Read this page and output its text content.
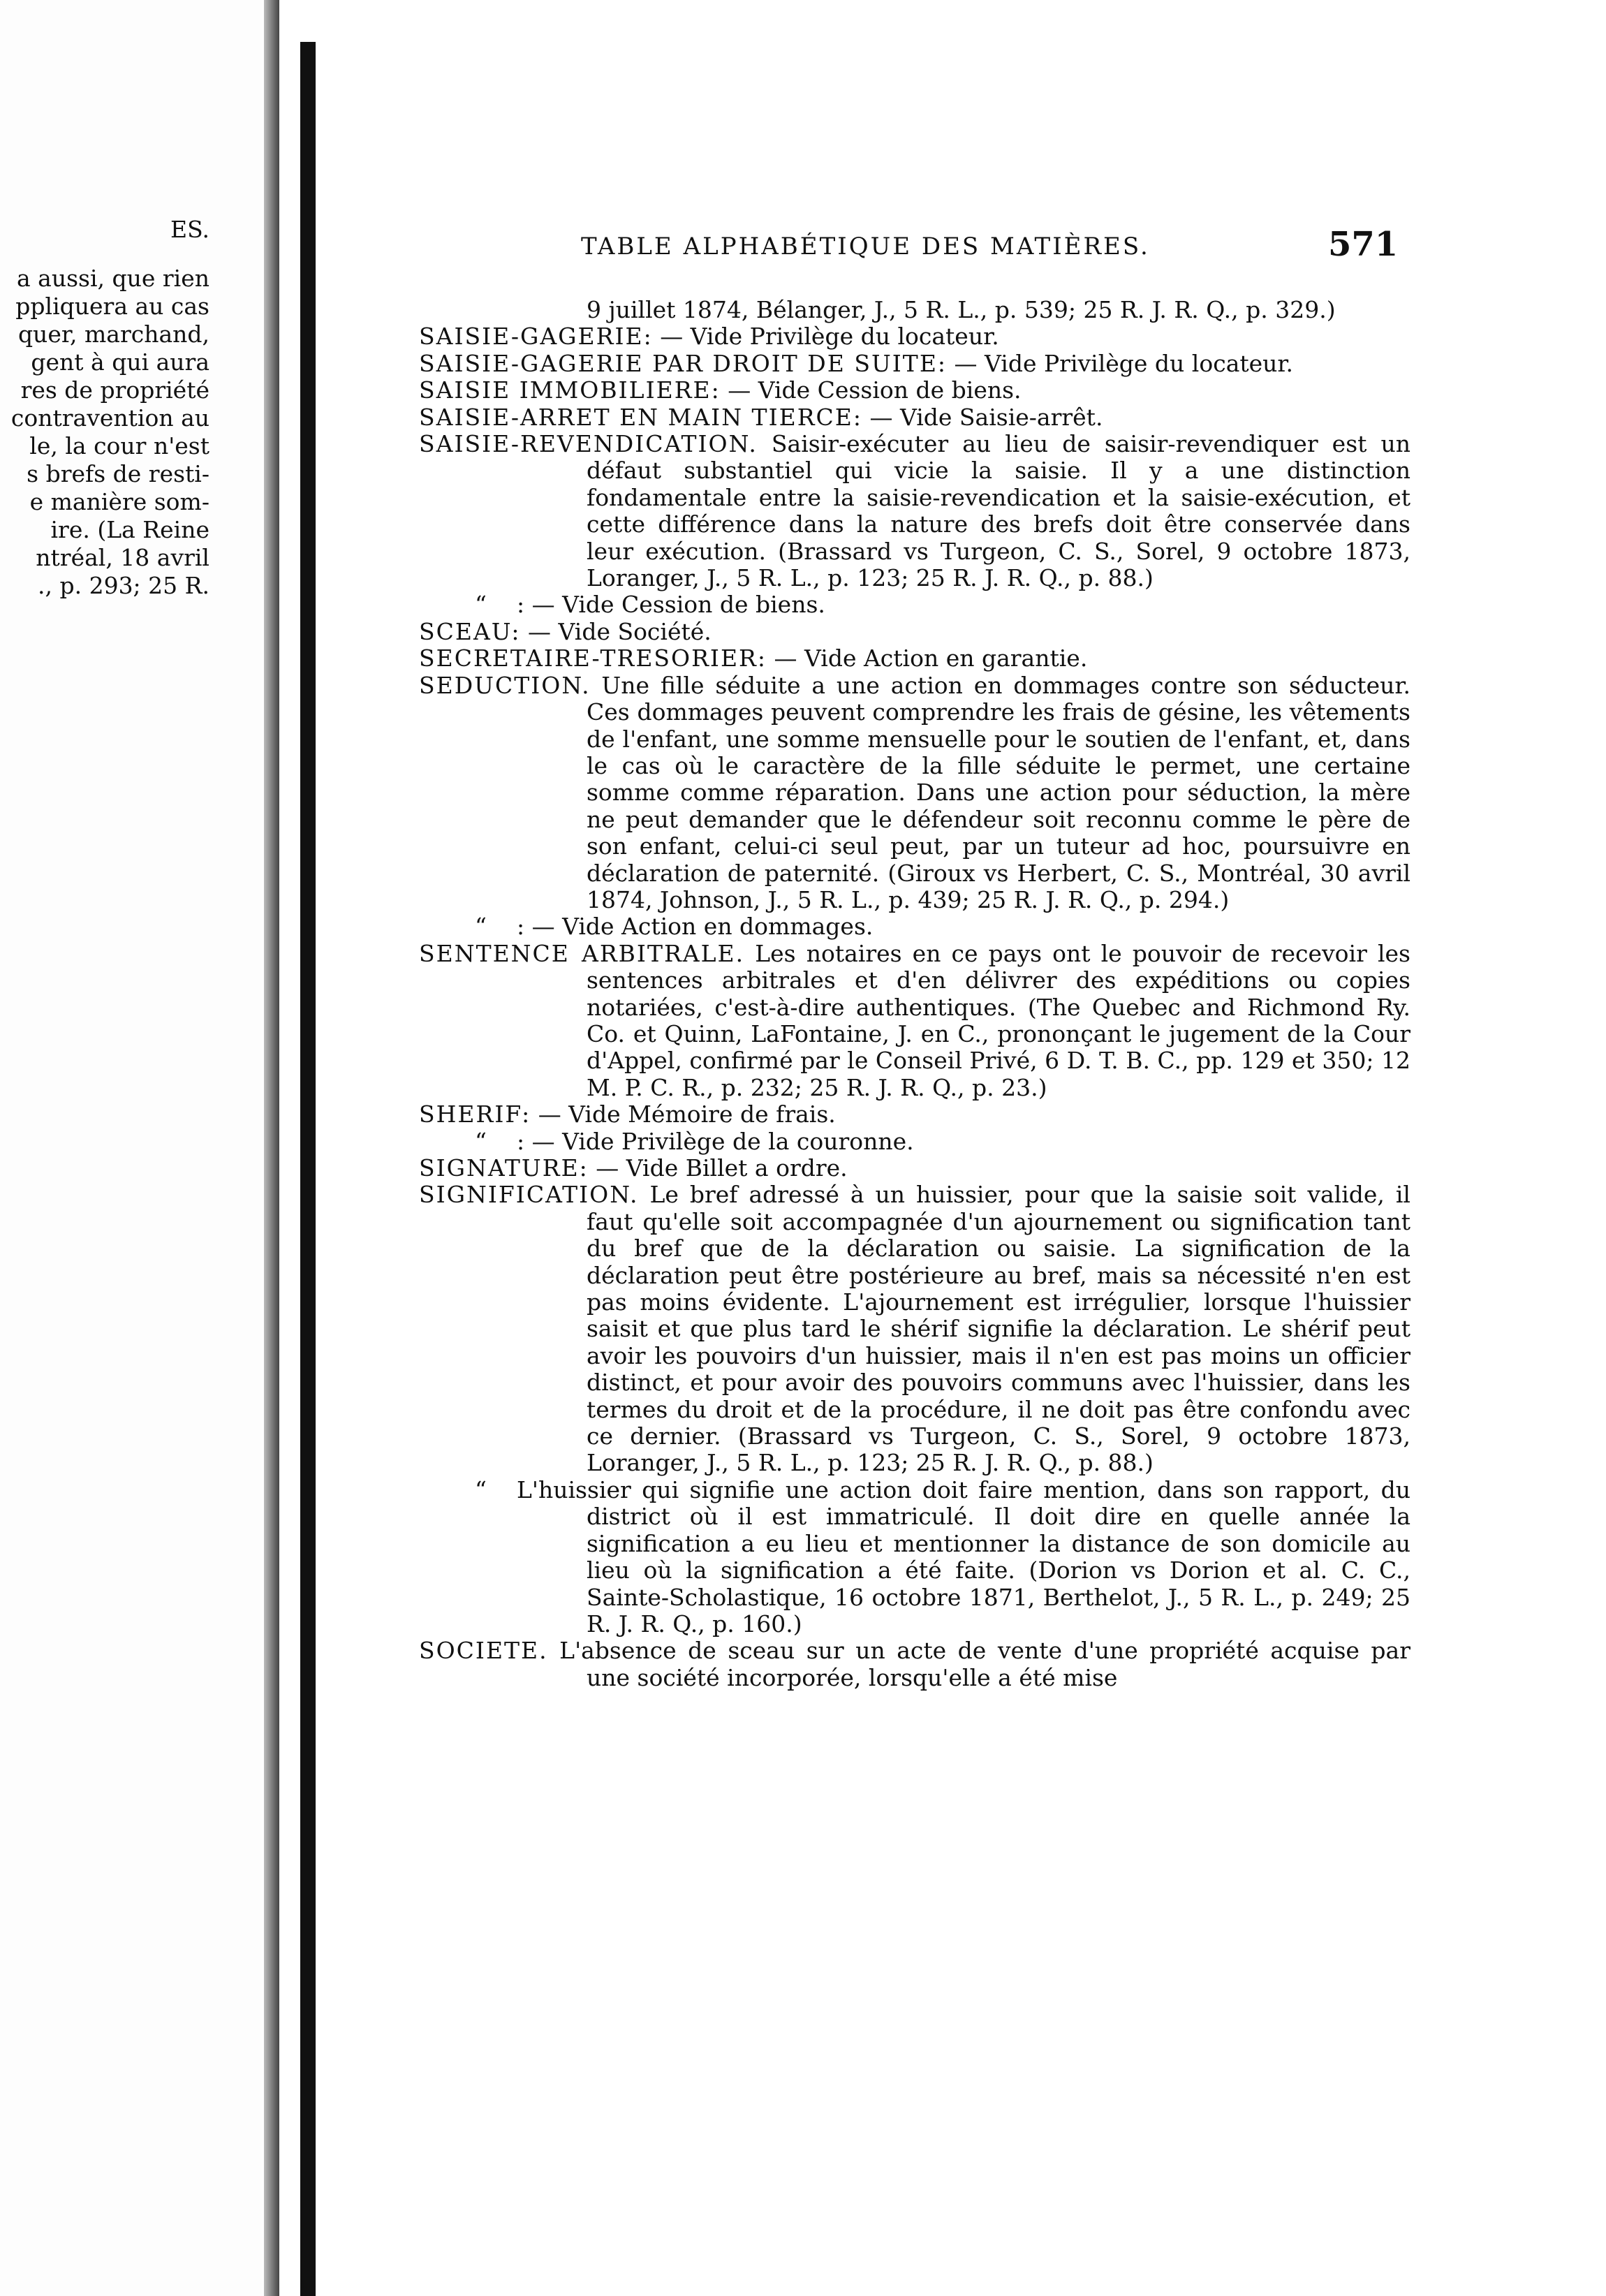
ES.
a aussi, que rien
ppliquera au cas
quer, marchand,
gent à qui aura
res de propriété
contravention au
le, la cour n'est
s brefs de resti-
e manière som-
ire. (La Reine
ntréal, 18 avril
., p. 293; 25 R.
TABLE ALPHABÉTIQUE DES MATIÈRES.	571

9 juillet 1874, Bélanger, J., 5 R. L., p. 539; 25 R. J. R. Q., p. 329.)

SAISIE-GAGERIE: — Vide Privilège du locateur.

SAISIE-GAGERIE PAR DROIT DE SUITE: — Vide Privilège du locateur.

SAISIE IMMOBILIERE: — Vide Cession de biens.

SAISIE-ARRET EN MAIN TIERCE: — Vide Saisie-arrêt.

SAISIE-REVENDICATION. Saisir-exécuter au lieu de saisir-revendiquer est un défaut substantiel qui vicie la saisie. Il y a une distinction fondamentale entre la saisie-revendication et la saisie-exécution, et cette différence dans la nature des brefs doit être conservée dans leur exécution. (Brassard vs Turgeon, C. S., Sorel, 9 octobre 1873, Loranger, J., 5 R. L., p. 123; 25 R. J. R. Q., p. 88.)

“ : — Vide Cession de biens.

SCEAU: — Vide Société.

SECRETAIRE-TRESORIER: — Vide Action en garantie.

SEDUCTION. Une fille séduite a une action en dommages contre son séducteur. Ces dommages peuvent comprendre les frais de gésine, les vêtements de l'enfant, une somme mensuelle pour le soutien de l'enfant, et, dans le cas où le caractère de la fille séduite le permet, une certaine somme comme réparation. Dans une action pour séduction, la mère ne peut demander que le défendeur soit reconnu comme le père de son enfant, celui-ci seul peut, par un tuteur ad hoc, poursuivre en déclaration de paternité. (Giroux vs Herbert, C. S., Montréal, 30 avril 1874, Johnson, J., 5 R. L., p. 439; 25 R. J. R. Q., p. 294.)

“ : — Vide Action en dommages.

SENTENCE ARBITRALE. Les notaires en ce pays ont le pouvoir de recevoir les sentences arbitrales et d'en délivrer des expéditions ou copies notariées, c'est-à-dire authentiques. (The Quebec and Richmond Ry. Co. et Quinn, LaFontaine, J. en C., prononçant le jugement de la Cour d'Appel, confirmé par le Conseil Privé, 6 D. T. B. C., pp. 129 et 350; 12 M. P. C. R., p. 232; 25 R. J. R. Q., p. 23.)

SHERIF: — Vide Mémoire de frais.

“ : — Vide Privilège de la couronne.

SIGNATURE: — Vide Billet a ordre.

SIGNIFICATION. Le bref adressé à un huissier, pour que la saisie soit valide, il faut qu'elle soit accompagnée d'un ajournement ou signification tant du bref que de la déclaration ou saisie. La signification de la déclaration peut être postérieure au bref, mais sa nécessité n'en est pas moins évidente. L'ajournement est irrégulier, lorsque l'huissier saisit et que plus tard le shérif signifie la déclaration. Le shérif peut avoir les pouvoirs d'un huissier, mais il n'en est pas moins un officier distinct, et pour avoir des pouvoirs communs avec l'huissier, dans les termes du droit et de la procédure, il ne doit pas être confondu avec ce dernier. (Brassard vs Turgeon, C. S., Sorel, 9 octobre 1873, Loranger, J., 5 R. L., p. 123; 25 R. J. R. Q., p. 88.)

“ L'huissier qui signifie une action doit faire mention, dans son rapport, du district où il est immatriculé. Il doit dire en quelle année la signification a eu lieu et mentionner la distance de son domicile au lieu où la signification a été faite. (Dorion vs Dorion et al. C. C., Sainte-Scholastique, 16 octobre 1871, Berthelot, J., 5 R. L., p. 249; 25 R. J. R. Q., p. 160.)

SOCIETE. L'absence de sceau sur un acte de vente d'une propriété acquise par une société incorporée, lorsqu'elle a été mise
